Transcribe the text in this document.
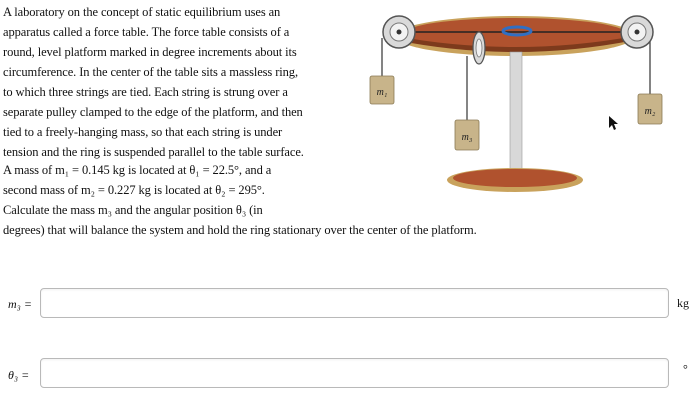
A laboratory on the concept of static equilibrium uses an
apparatus called a force table. The force table consists of a
round, level platform marked in degree increments about its
circumference. In the center of the table sits a massless ring,
to which three strings are tied. Each string is strung over a
separate pulley clamped to the edge of the platform, and then
tied to a freely-hanging mass, so that each string is under
tension and the ring is suspended parallel to the table surface.
A mass of m₁ = 0.145 kg is located at θ₁ = 22.5°, and a
second mass of m₂ = 0.227 kg is located at θ₂ = 295°.
Calculate the mass m₃ and the angular position θ₃ (in
degrees) that will balance the system and hold the ring stationary over the center of the platform.
m₁
m₂
m₃
m₃ =	kg
θ₃ =	°
